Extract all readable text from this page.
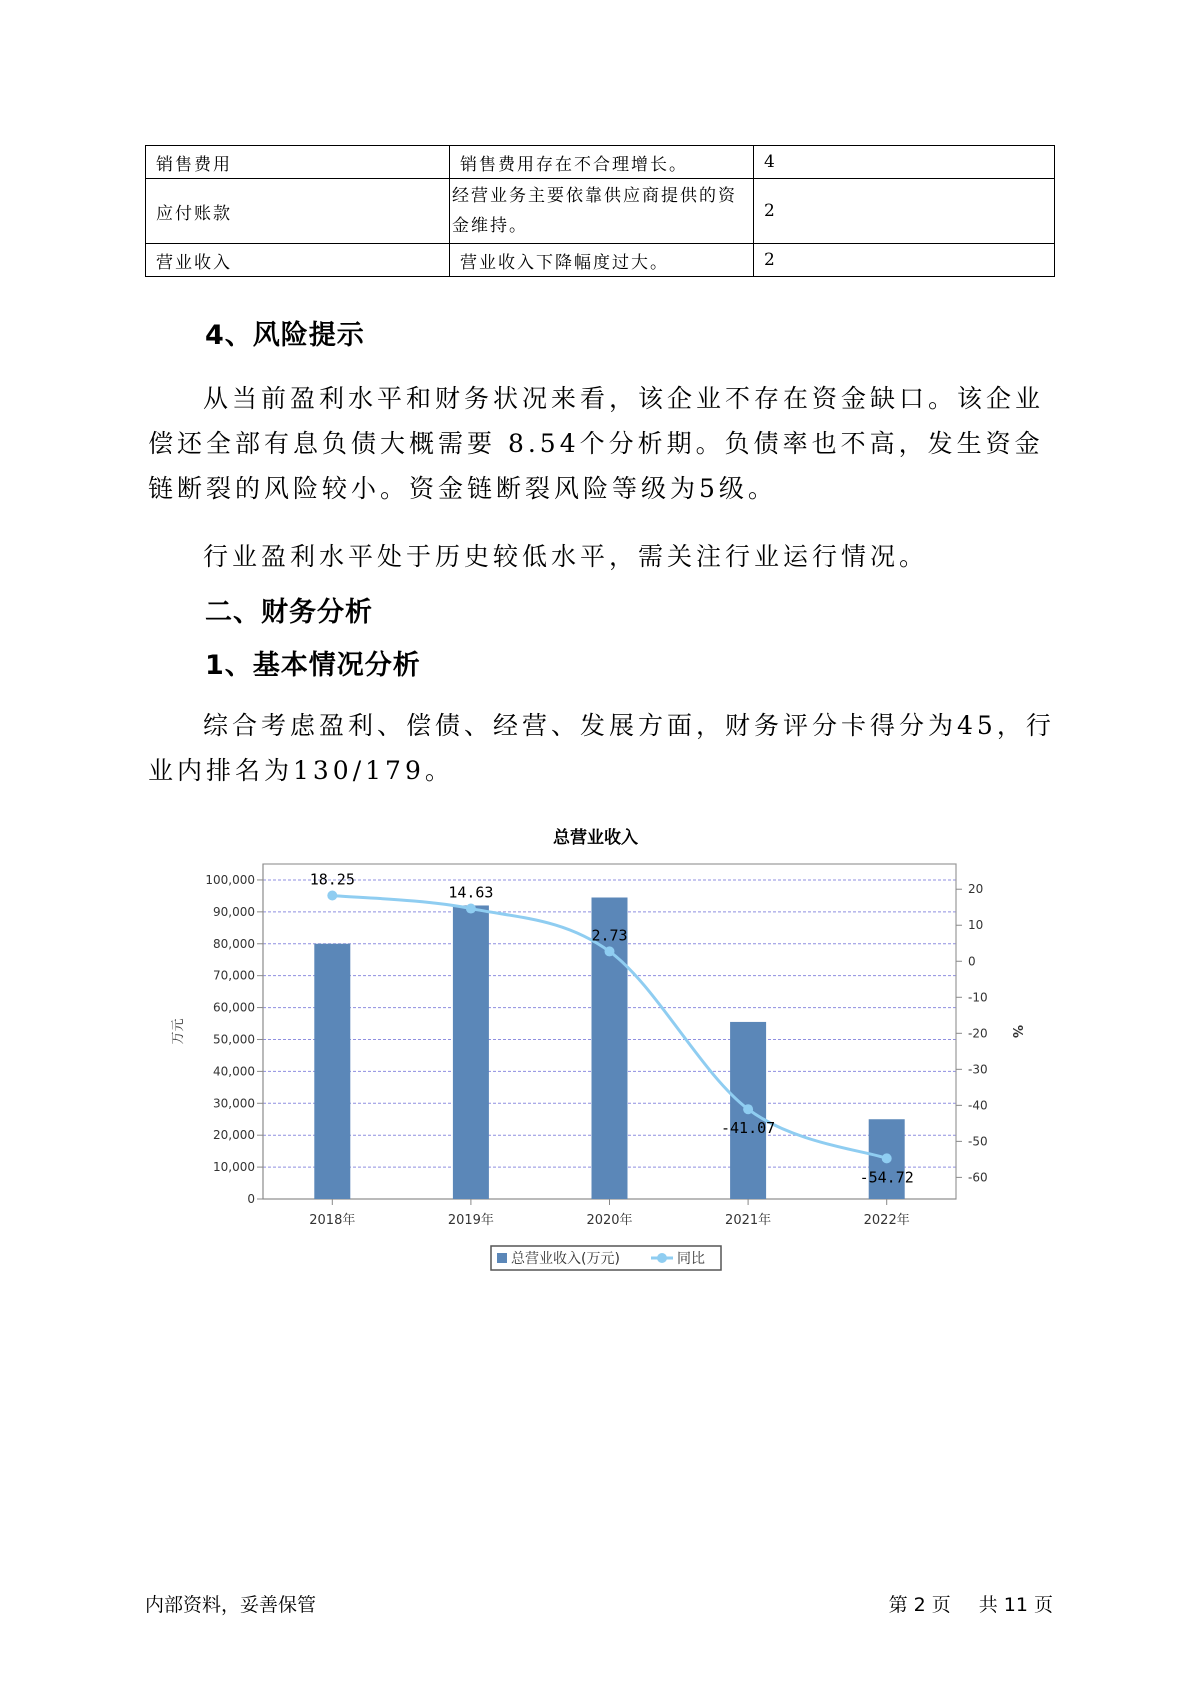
销售费用	销售费用存在不合理增长。	4
应付账款	经营业务主要依靠供应商提供的资金维持。	2
营业收入	营业收入下降幅度过大。	2
4、风险提示

从当前盈利水平和财务状况来看，该企业不存在资金缺口。该企业偿还全部有息负债大概需要 8.54个分析期。负债率也不高，发生资金链断裂的风险较小。资金链断裂风险等级为5级。

行业盈利水平处于历史较低水平，需关注行业运行情况。

二、财务分析
1、基本情况分析

综合考虑盈利、偿债、经营、发展方面，财务评分卡得分为45，行业内排名为130/179。

总营业收入
0
10,000
20,000
30,000
40,000
50,000
60,000
70,000
80,000
90,000
100,000
20
10
0
-10
-20
-30
-40
-50
-60
万元	%
2018年	2019年	2020年	2021年	2022年
18.25
14.63
2.73
-41.07
-54.72
总营业收入(万元)	同比
内部资料，妥善保管	第 2 页 共 11 页
